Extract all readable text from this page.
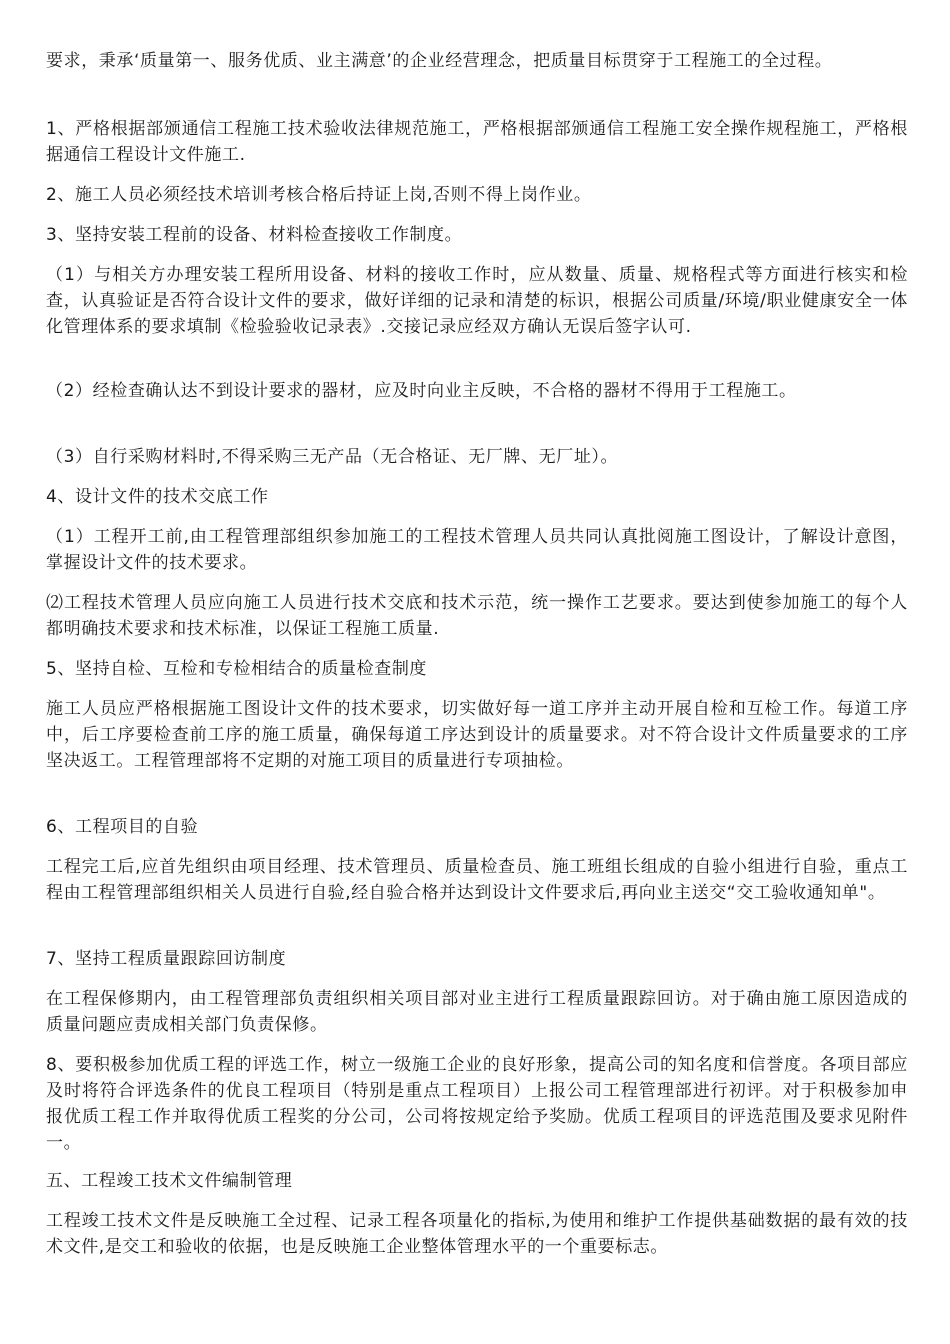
要求，秉承‘质量第一、服务优质、业主满意’的企业经营理念，把质量目标贯穿于工程施工的全过程。

1、严格根据部颁通信工程施工技术验收法律规范施工，严格根据部颁通信工程施工安全操作规程施工，严格根据通信工程设计文件施工.

2、施工人员必须经技术培训考核合格后持证上岗,否则不得上岗作业。

3、坚持安装工程前的设备、材料检查接收工作制度。

（1）与相关方办理安装工程所用设备、材料的接收工作时，应从数量、质量、规格程式等方面进行核实和检查，认真验证是否符合设计文件的要求，做好详细的记录和清楚的标识，根据公司质量/环境/职业健康安全一体化管理体系的要求填制《检验验收记录表》.交接记录应经双方确认无误后签字认可.

（2）经检查确认达不到设计要求的器材，应及时向业主反映，不合格的器材不得用于工程施工。

（3）自行采购材料时,不得采购三无产品（无合格证、无厂牌、无厂址）。

4、设计文件的技术交底工作

（1）工程开工前,由工程管理部组织参加施工的工程技术管理人员共同认真批阅施工图设计，了解设计意图，掌握设计文件的技术要求。

⑵工程技术管理人员应向施工人员进行技术交底和技术示范，统一操作工艺要求。要达到使参加施工的每个人都明确技术要求和技术标准，以保证工程施工质量.

5、坚持自检、互检和专检相结合的质量检查制度

施工人员应严格根据施工图设计文件的技术要求，切实做好每一道工序并主动开展自检和互检工作。每道工序中，后工序要检查前工序的施工质量，确保每道工序达到设计的质量要求。对不符合设计文件质量要求的工序坚决返工。工程管理部将不定期的对施工项目的质量进行专项抽检。

6、工程项目的自验

工程完工后,应首先组织由项目经理、技术管理员、质量检查员、施工班组长组成的自验小组进行自验，重点工程由工程管理部组织相关人员进行自验,经自验合格并达到设计文件要求后,再向业主送交“交工验收通知单"。

7、坚持工程质量跟踪回访制度

在工程保修期内，由工程管理部负责组织相关项目部对业主进行工程质量跟踪回访。对于确由施工原因造成的质量问题应责成相关部门负责保修。

8、要积极参加优质工程的评选工作，树立一级施工企业的良好形象，提高公司的知名度和信誉度。各项目部应及时将符合评选条件的优良工程项目（特别是重点工程项目）上报公司工程管理部进行初评。对于积极参加申报优质工程工作并取得优质工程奖的分公司，公司将按规定给予奖励。优质工程项目的评选范围及要求见附件一。

五、工程竣工技术文件编制管理

工程竣工技术文件是反映施工全过程、记录工程各项量化的指标,为使用和维护工作提供基础数据的最有效的技术文件,是交工和验收的依据，也是反映施工企业整体管理水平的一个重要标志。
